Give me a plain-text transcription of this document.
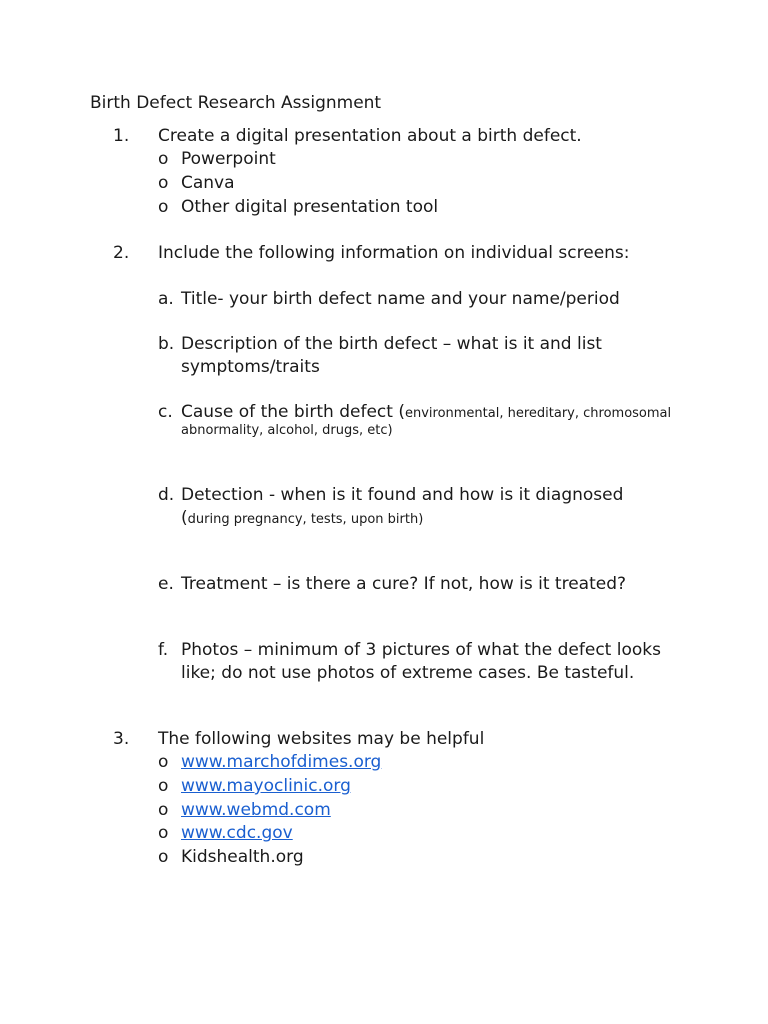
Birth Defect Research Assignment
1. Create a digital presentation about a birth defect.
o Powerpoint
o Canva
o Other digital presentation tool
2. Include the following information on individual screens:
a. Title- your birth defect name and your name/period
b. Description of the birth defect – what is it and list
symptoms/traits
c. Cause of the birth defect (environmental, hereditary, chromosomal
abnormality, alcohol, drugs, etc)
d. Detection - when is it found and how is it diagnosed
(during pregnancy, tests, upon birth)
e. Treatment – is there a cure? If not, how is it treated?
f. Photos – minimum of 3 pictures of what the defect looks
like; do not use photos of extreme cases. Be tasteful.
3. The following websites may be helpful
o www.marchofdimes.org
o www.mayoclinic.org
o www.webmd.com
o www.cdc.gov
o Kidshealth.org
